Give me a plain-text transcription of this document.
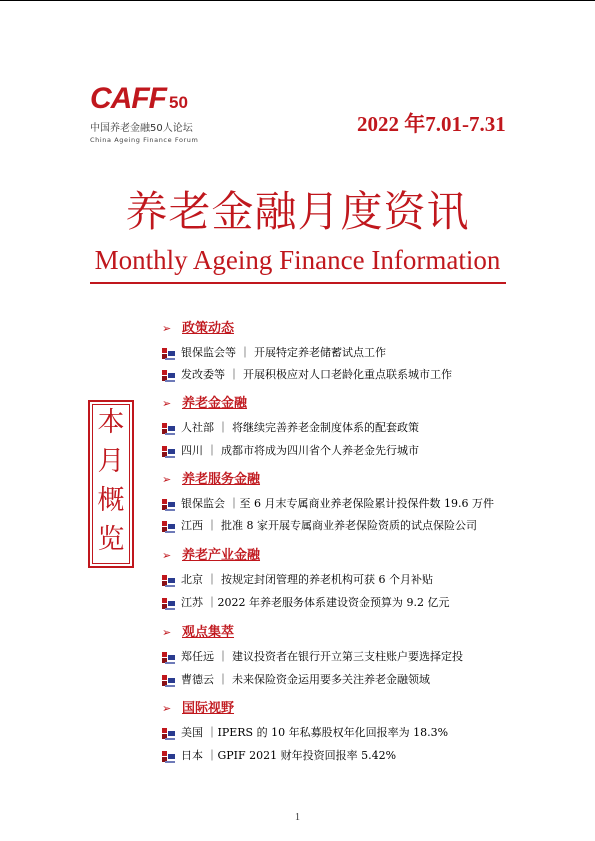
CAFF 50
中国养老金融50人论坛
China Ageing Finance Forum
2022 年7.01-7.31
养老金融月度资讯
Monthly Ageing Finance Information
本
月
概
览
➢ 政策动态
银保监会等 ｜ 开展特定养老储蓄试点工作
发改委等 ｜ 开展积极应对人口老龄化重点联系城市工作
➢ 养老金金融
人社部 ｜ 将继续完善养老金制度体系的配套政策
四川 ｜ 成都市将成为四川省个人养老金先行城市
➢ 养老服务金融
银保监会 ｜至 6 月末专属商业养老保险累计投保件数 19.6 万件
江西 ｜ 批准 8 家开展专属商业养老保险资质的试点保险公司
➢ 养老产业金融
北京 ｜ 按规定封闭管理的养老机构可获 6 个月补贴
江苏 ｜2022 年养老服务体系建设资金预算为 9.2 亿元
➢ 观点集萃
郑任远 ｜ 建议投资者在银行开立第三支柱账户要选择定投
曹德云 ｜ 未来保险资金运用要多关注养老金融领域
➢ 国际视野
美国 ｜IPERS 的 10 年私募股权年化回报率为 18.3%
日本 ｜GPIF 2021 财年投资回报率 5.42%
1
